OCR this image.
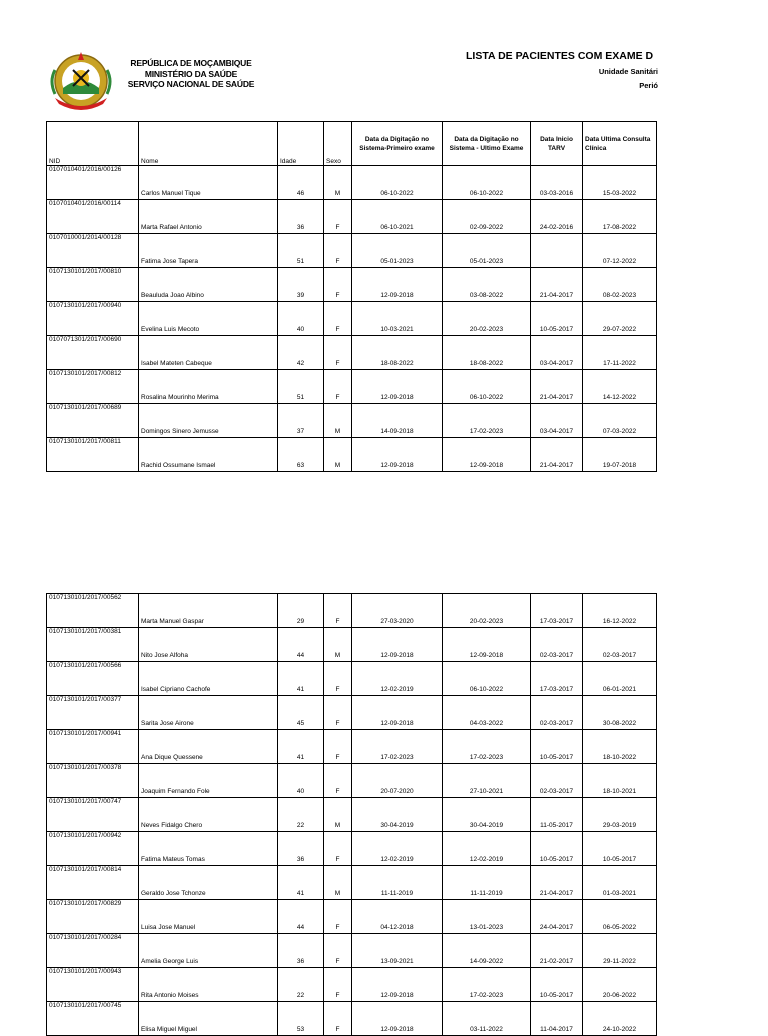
REPÚBLICA DE MOÇAMBIQUE
MINISTÉRIO DA SAÚDE
SERVIÇO NACIONAL DE SAÚDE
LISTA DE PACIENTES COM EXAME D
Unidade Sanitári
Perió
NID	Nome	Idade	Sexo	Data da Digitação no Sistema-Primeiro exame	Data da Digitação no Sistema - Ultimo Exame	Data Inicio TARV	Data Ultima Consulta Clínica
0107010401/2016/00126	Carlos Manuel Tique	46	M	06-10-2022	06-10-2022	03-03-2016	15-03-2022
0107010401/2016/00114	Marta Rafael Antonio	36	F	06-10-2021	02-09-2022	24-02-2016	17-08-2022
0107010001/2014/00128	Fatima Jose Tapera	51	F	05-01-2023	05-01-2023		07-12-2022
0107130101/2017/00810	Beauluda Joao Albino	39	F	12-09-2018	03-08-2022	21-04-2017	08-02-2023
0107130101/2017/00940	Evelina Luis Mecoto	40	F	10-03-2021	20-02-2023	10-05-2017	29-07-2022
0107071301/2017/00690	Isabel Mateten Cabeque	42	F	18-08-2022	18-08-2022	03-04-2017	17-11-2022
0107130101/2017/00812	Rosalina Mourinho Merima	51	F	12-09-2018	06-10-2022	21-04-2017	14-12-2022
0107130101/2017/00689	Domingos Sinero Jemusse	37	M	14-09-2018	17-02-2023	03-04-2017	07-03-2022
0107130101/2017/00811	Rachid Ossumane Ismael	63	M	12-09-2018	12-09-2018	21-04-2017	19-07-2018
0107130101/2017/00562	Marta Manuel Gaspar	29	F	27-03-2020	20-02-2023	17-03-2017	16-12-2022
0107130101/2017/00381	Nito Jose Alfoha	44	M	12-09-2018	12-09-2018	02-03-2017	02-03-2017
0107130101/2017/00566	Isabel Cipriano Cachofe	41	F	12-02-2019	06-10-2022	17-03-2017	06-01-2021
0107130101/2017/00377	Sarita Jose Airone	45	F	12-09-2018	04-03-2022	02-03-2017	30-08-2022
0107130101/2017/00941	Ana Dique Quessene	41	F	17-02-2023	17-02-2023	10-05-2017	18-10-2022
0107130101/2017/00378	Joaquim Fernando Fole	40	F	20-07-2020	27-10-2021	02-03-2017	18-10-2021
0107130101/2017/00747	Neves Fidalgo Chero	22	M	30-04-2019	30-04-2019	11-05-2017	29-03-2019
0107130101/2017/00942	Fatima Mateus Tomas	36	F	12-02-2019	12-02-2019	10-05-2017	10-05-2017
0107130101/2017/00814	Geraldo Jose Tchonze	41	M	11-11-2019	11-11-2019	21-04-2017	01-03-2021
0107130101/2017/00829	Luisa Jose Manuel	44	F	04-12-2018	13-01-2023	24-04-2017	06-05-2022
0107130101/2017/00284	Amelia George Luis	36	F	13-09-2021	14-09-2022	21-02-2017	29-11-2022
0107130101/2017/00943	Rita Antonio Moises	22	F	12-09-2018	17-02-2023	10-05-2017	20-06-2022
0107130101/2017/00745	Elisa Miguel Miguel	53	F	12-09-2018	03-11-2022	11-04-2017	24-10-2022
